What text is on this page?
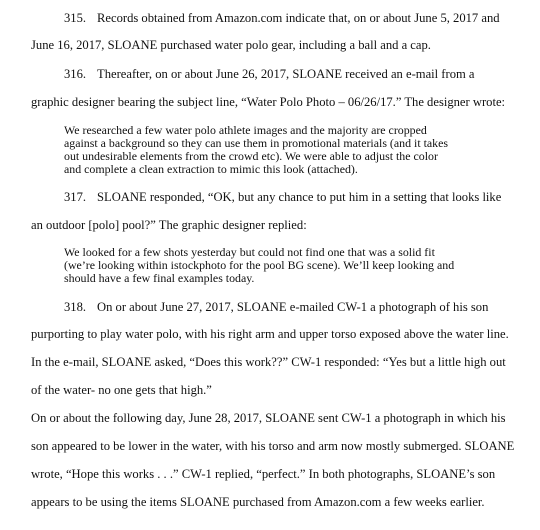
315. Records obtained from Amazon.com indicate that, on or about June 5, 2017 and
June 16, 2017, SLOANE purchased water polo gear, including a ball and a cap.
316. Thereafter, on or about June 26, 2017, SLOANE received an e-mail from a
graphic designer bearing the subject line, “Water Polo Photo – 06/26/17.” The designer wrote:
We researched a few water polo athlete images and the majority are cropped
against a background so they can use them in promotional materials (and it takes
out undesirable elements from the crowd etc). We were able to adjust the color
and complete a clean extraction to mimic this look (attached).
317. SLOANE responded, “OK, but any chance to put him in a setting that looks like
an outdoor [polo] pool?” The graphic designer replied:
We looked for a few shots yesterday but could not find one that was a solid fit
(we’re looking within istockphoto for the pool BG scene). We’ll keep looking and
should have a few final examples today.
318. On or about June 27, 2017, SLOANE e-mailed CW-1 a photograph of his son
purporting to play water polo, with his right arm and upper torso exposed above the water line.
In the e-mail, SLOANE asked, “Does this work??” CW-1 responded: “Yes but a little high out
of the water- no one gets that high.”
On or about the following day, June 28, 2017, SLOANE sent CW-1 a photograph in which his
son appeared to be lower in the water, with his torso and arm now mostly submerged. SLOANE
wrote, “Hope this works . . .” CW-1 replied, “perfect.” In both photographs, SLOANE’s son
appears to be using the items SLOANE purchased from Amazon.com a few weeks earlier.
